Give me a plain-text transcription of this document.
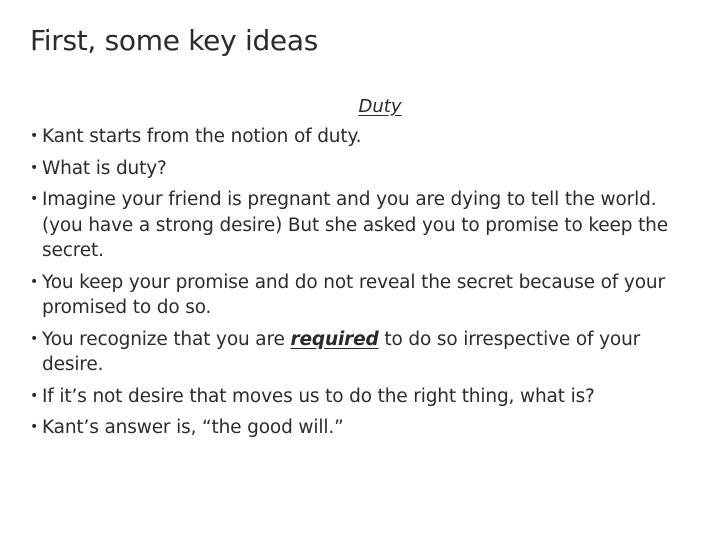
First, some key ideas

Duty

• Kant starts from the notion of duty.
• What is duty?
• Imagine your friend is pregnant and you are dying to tell the world. (you have a strong desire) But she asked you to promise to keep the secret.
• You keep your promise and do not reveal the secret because of your promised to do so.
• You recognize that you are required to do so irrespective of your desire.
• If it’s not desire that moves us to do the right thing, what is?
• Kant’s answer is, “the good will.”
